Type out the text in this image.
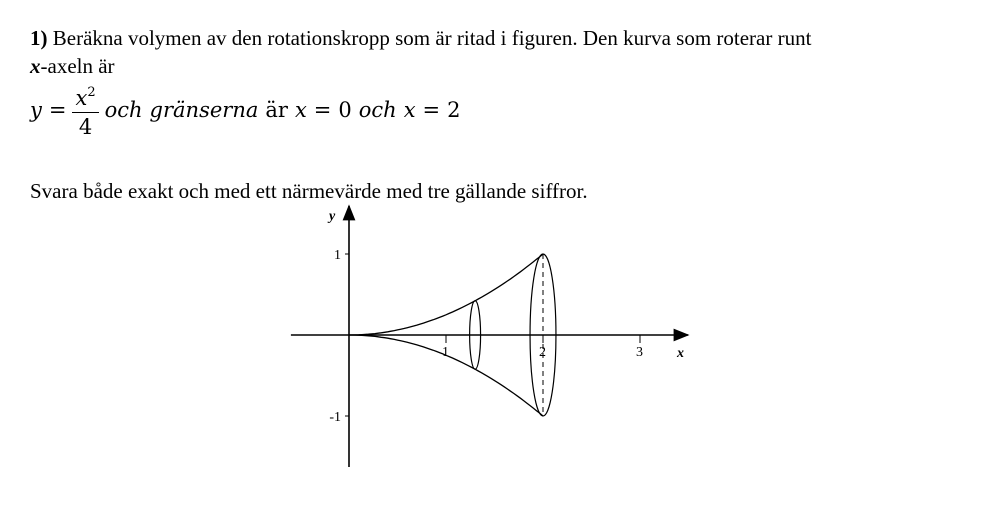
1) Beräkna volymen av den rotationskropp som är ritad i figuren. Den kurva som roterar runt
x-axeln är
$y = \frac{x^2}{4}$ och gränserna är x = 0 och x = 2
Svara både exakt och med ett närmevärde med tre gällande siffror.
x
y
1	2	3
1
-1
